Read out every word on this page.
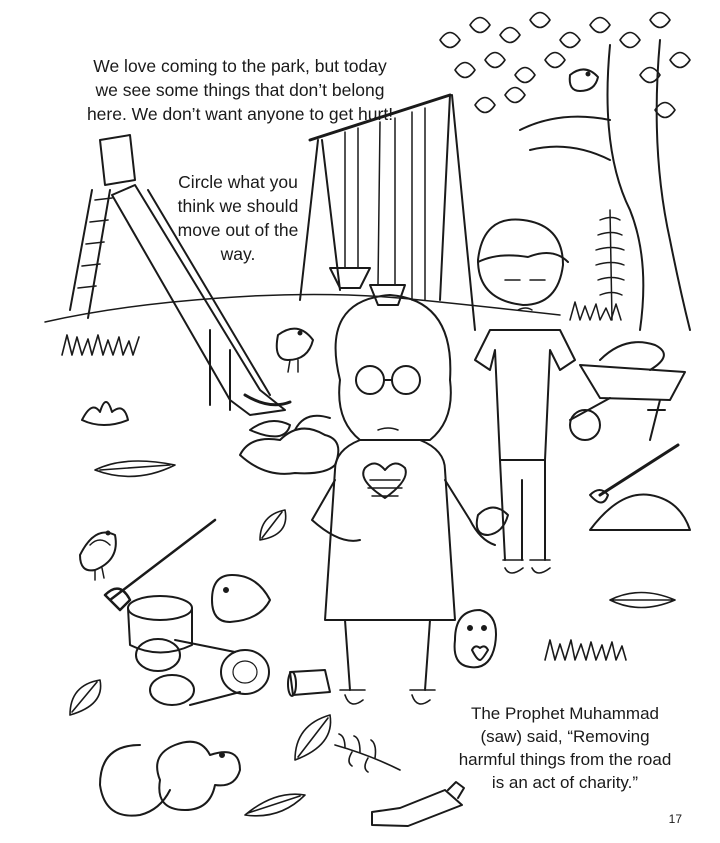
We love coming to the park, but today we see some things that don’t belong here. We don’t want anyone to get hurt!

Circle what you think we should move out of the way.

The Prophet Muhammad (saw) said, “Removing harmful things from the road is an act of charity.”

17
